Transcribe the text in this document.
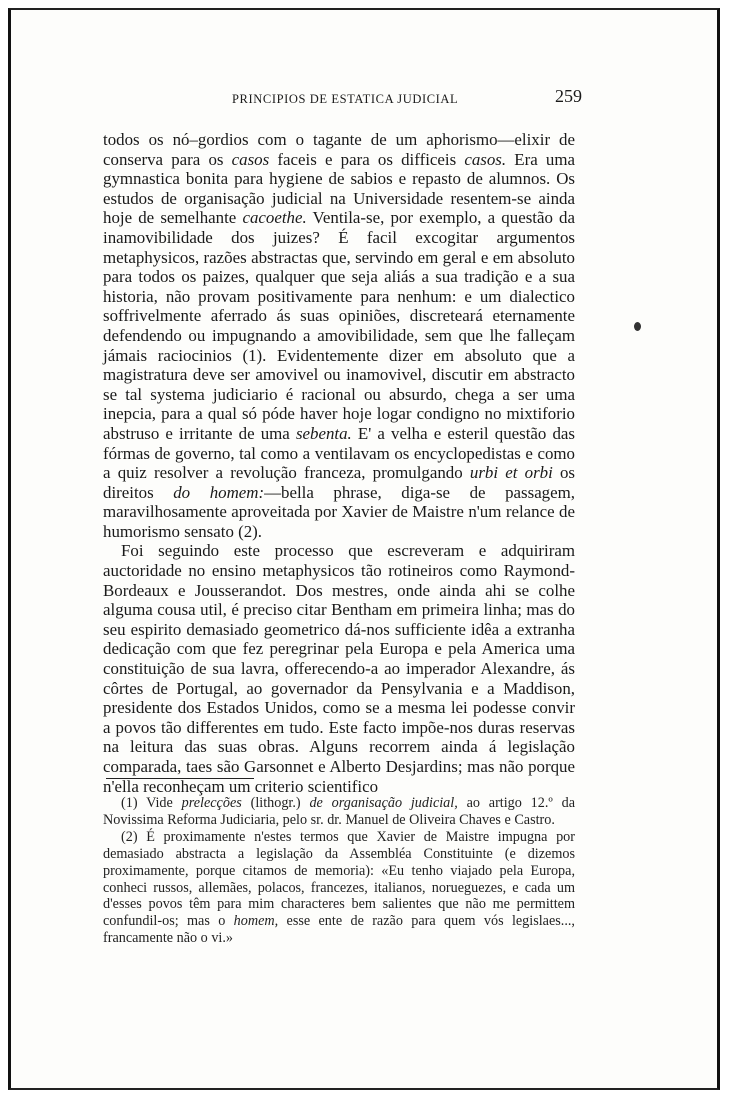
PRINCIPIOS DE ESTATICA JUDICIAL	259

todos os nó–gordios com o tagante de um aphorismo—elixir de conserva para os casos faceis e para os difficeis casos. Era uma gymnastica bonita para hygiene de sabios e repasto de alumnos. Os estudos de organisação judicial na Universidade resentem-se ainda hoje de semelhante cacoethe. Ventila-se, por exemplo, a questão da inamovibilidade dos juizes? É facil excogitar argumentos metaphysicos, razões abstractas que, servindo em geral e em absoluto para todos os paizes, qualquer que seja aliás a sua tradição e a sua historia, não provam positivamente para nenhum: e um dialectico soffrivelmente aferrado ás suas opiniões, discreteará eternamente defendendo ou impugnando a amovibilidade, sem que lhe falleçam jámais raciocinios (1). Evidentemente dizer em absoluto que a magistratura deve ser amovivel ou inamovivel, discutir em abstracto se tal systema judiciario é racional ou absurdo, chega a ser uma inepcia, para a qual só póde haver hoje logar condigno no mixtiforio abstruso e irritante de uma sebenta. E' a velha e esteril questão das fórmas de governo, tal como a ventilavam os encyclopedistas e como a quiz resolver a revolução franceza, promulgando urbi et orbi os direitos do homem:—bella phrase, diga-se de passagem, maravilhosamente aproveitada por Xavier de Maistre n'um relance de humorismo sensato (2).

Foi seguindo este processo que escreveram e adquiriram auctoridade no ensino metaphysicos tão rotineiros como Raymond-Bordeaux e Jousserandot. Dos mestres, onde ainda ahi se colhe alguma cousa util, é preciso citar Bentham em primeira linha; mas do seu espirito demasiado geometrico dá-nos sufficiente idêa a extranha dedicação com que fez peregrinar pela Europa e pela America uma constituição de sua lavra, offerecendo-a ao imperador Alexandre, ás côrtes de Portugal, ao governador da Pensylvania e a Maddison, presidente dos Estados Unidos, como se a mesma lei podesse convir a povos tão differentes em tudo. Este facto impõe-nos duras reservas na leitura das suas obras. Alguns recorrem ainda á legislação comparada, taes são Garsonnet e Alberto Desjardins; mas não porque n'ella reconheçam um criterio scientifico

(1) Vide prelecções (lithogr.) de organisação judicial, ao artigo 12.º da Novissima Reforma Judiciaria, pelo sr. dr. Manuel de Oliveira Chaves e Castro.

(2) É proximamente n'estes termos que Xavier de Maistre impugna por demasiado abstracta a legislação da Assembléa Constituinte (e dizemos proximamente, porque citamos de memoria): «Eu tenho viajado pela Europa, conheci russos, allemães, polacos, francezes, italianos, norueguezes, e cada um d'esses povos têm para mim characteres bem salientes que não me permittem confundil-os; mas o homem, esse ente de razão para quem vós legislaes..., francamente não o vi.»
